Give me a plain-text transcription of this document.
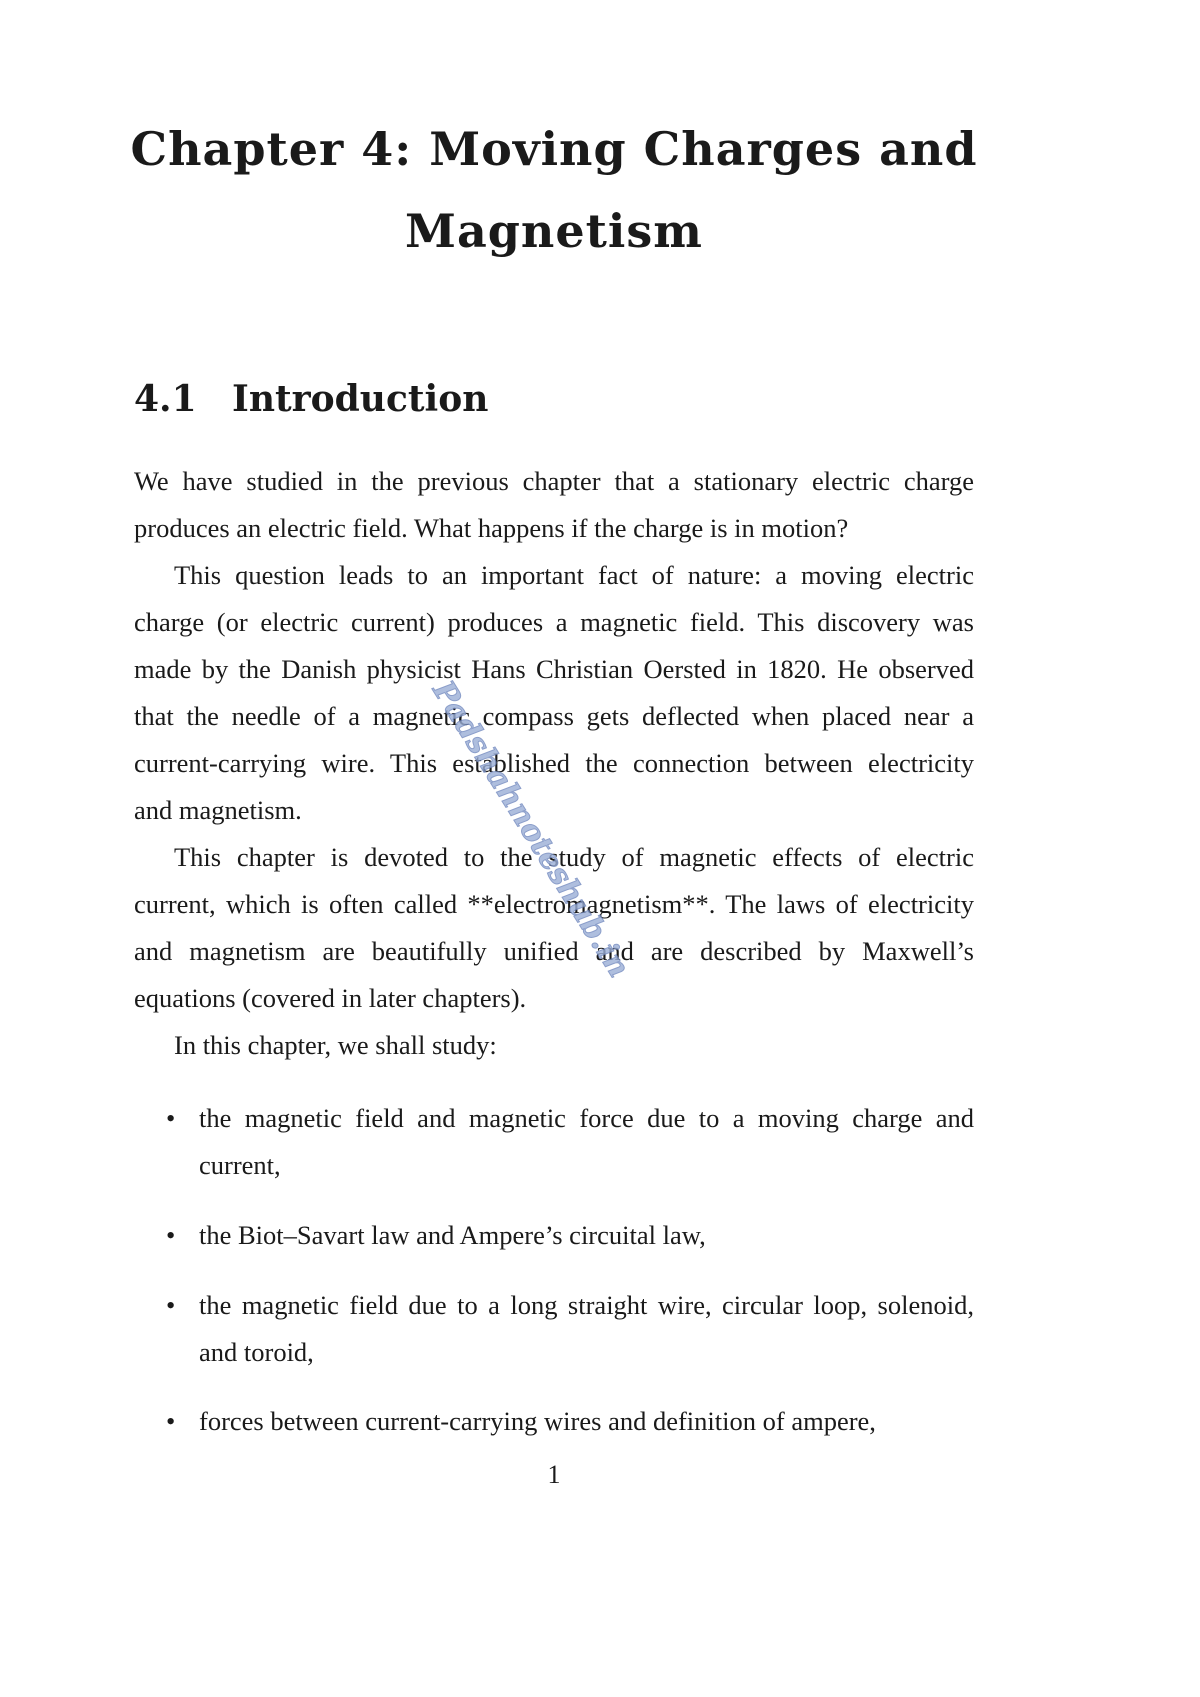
Chapter 4: Moving Charges and
Magnetism
4.1 Introduction
We have studied in the previous chapter that a stationary electric charge
produces an electric field. What happens if the charge is in motion?
This question leads to an important fact of nature: a moving electric
charge (or electric current) produces a magnetic field. This discovery was
made by the Danish physicist Hans Christian Oersted in 1820. He observed
that the needle of a magnetic compass gets deflected when placed near a
current-carrying wire. This established the connection between electricity
and magnetism.
This chapter is devoted to the study of magnetic effects of electric
current, which is often called **electromagnetism**. The laws of electricity
and magnetism are beautifully unified and are described by Maxwell’s
equations (covered in later chapters).
In this chapter, we shall study:
• the magnetic field and magnetic force due to a moving charge and
current,
• the Biot–Savart law and Ampere’s circuital law,
• the magnetic field due to a long straight wire, circular loop, solenoid,
and toroid,
• forces between current-carrying wires and definition of ampere,
1
Padshahnoteshub.in
